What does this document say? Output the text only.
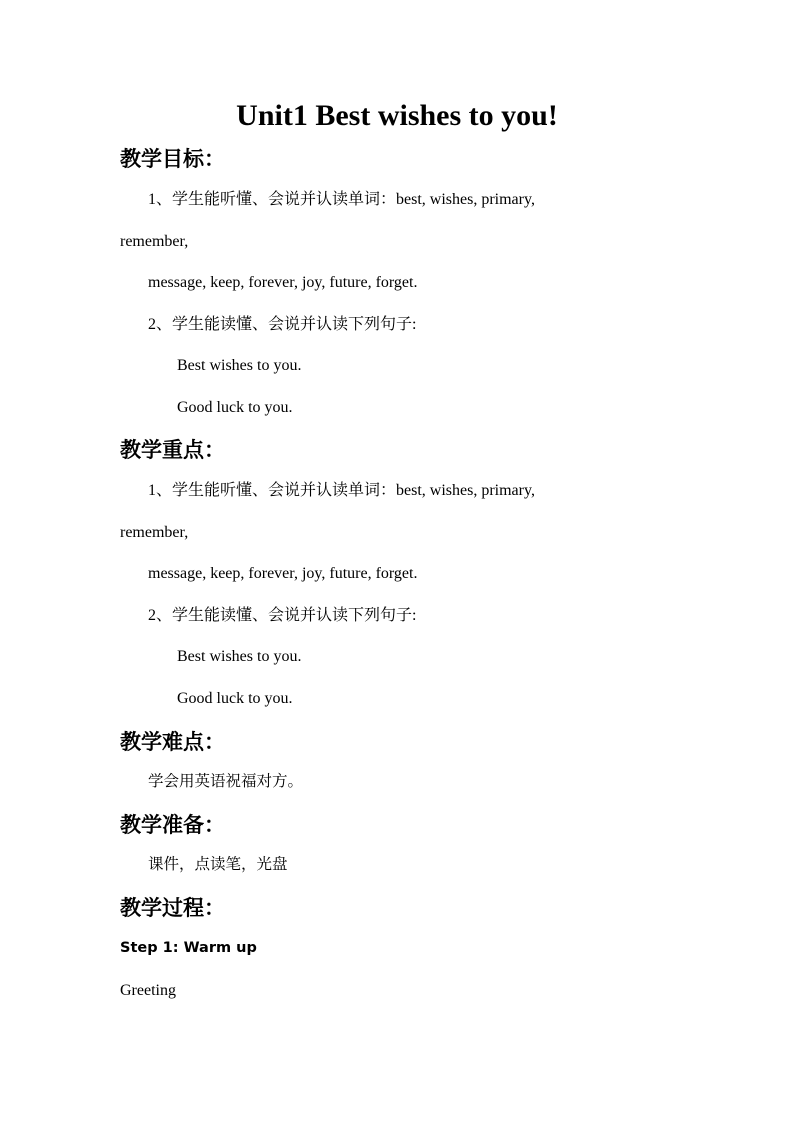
Unit1 Best wishes to you!
教学目标：
1、学生能听懂、会说并认读单词：best, wishes, primary,
remember,
message, keep, forever, joy, future, forget.
2、学生能读懂、会说并认读下列句子:
Best wishes to you.
Good luck to you.
教学重点：
1、学生能听懂、会说并认读单词：best, wishes, primary,
remember,
message, keep, forever, joy, future, forget.
2、学生能读懂、会说并认读下列句子:
Best wishes to you.
Good luck to you.
教学难点：
学会用英语祝福对方。
教学准备：
课件，点读笔，光盘
教学过程：
Step 1: Warm up
Greeting
